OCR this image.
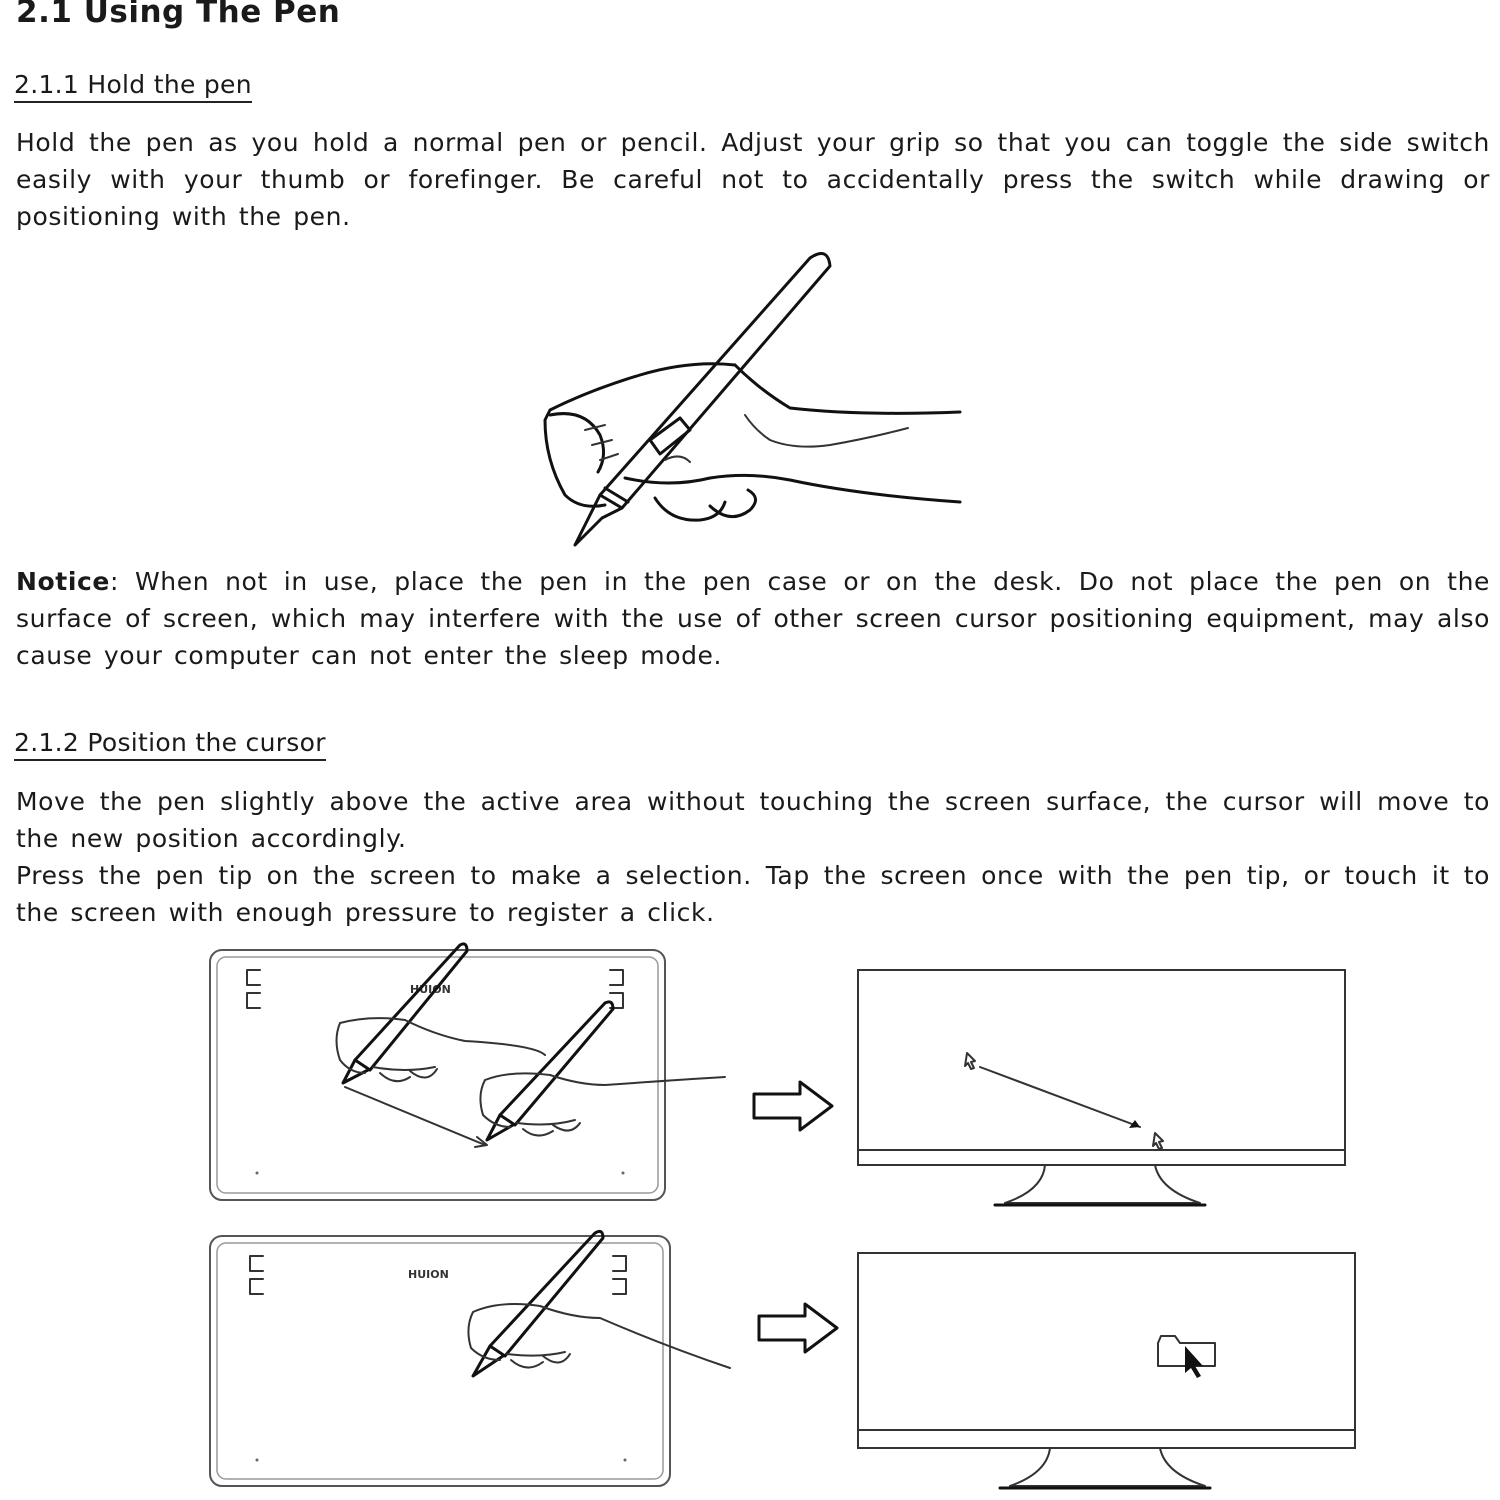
2.1 Using The Pen
2.1.1 Hold the pen

Hold the pen as you hold a normal pen or pencil. Adjust your grip so that you can toggle the side switch easily with your thumb or forefinger. Be careful not to accidentally press the switch while drawing or positioning with the pen.

Notice: When not in use, place the pen in the pen case or on the desk. Do not place the pen on the surface of screen, which may interfere with the use of other screen cursor positioning equipment, may also cause your computer can not enter the sleep mode.

2.1.2 Position the cursor

Move the pen slightly above the active area without touching the screen surface, the cursor will move to the new position accordingly.

Press the pen tip on the screen to make a selection. Tap the screen once with the pen tip, or touch it to the screen with enough pressure to register a click.

HUION
HUION
